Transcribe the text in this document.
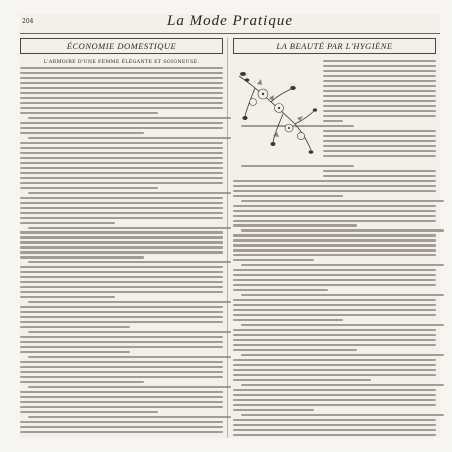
204	La Mode Pratique
ÉCONOMIE DOMESTIQUE
L'ARMOIRE D'UNE FEMME ÉLÉGANTE ET SOIGNEUSE.
LA BEAUTÉ PAR L'HYGIÈNE
